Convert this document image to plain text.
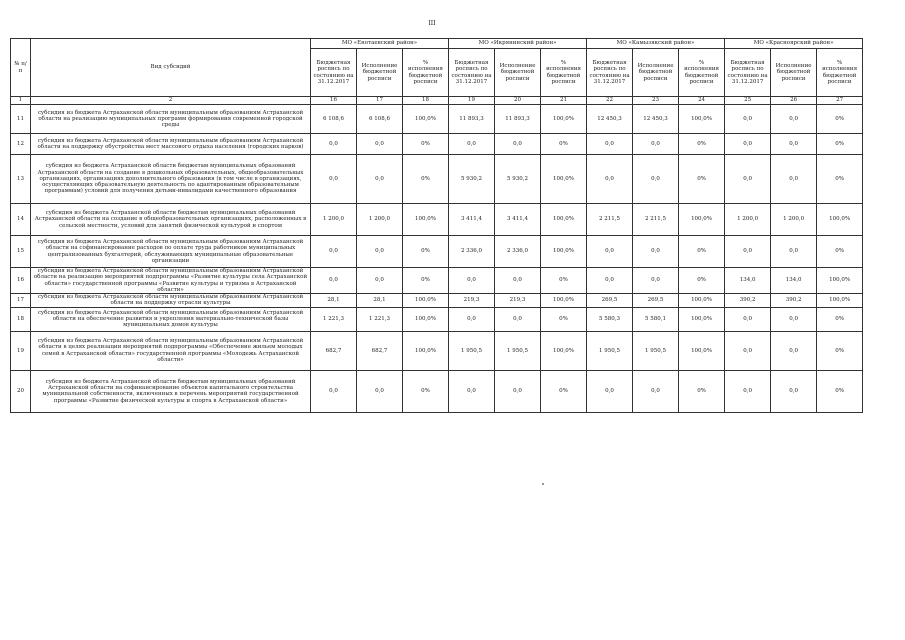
III
№ п/п	Вид субсидий	МО «Енотаевский район»			МО «Икрянинский район»			МО «Камызякский район»			МО «Красноярский район»		
		Бюджетная роспись по состоянию на 31.12.2017	Исполнение бюджетной росписи	% исполнения бюджетной росписи	Бюджетная роспись по состоянию на 31.12.2017	Исполнение бюджетной росписи	% исполнения бюджетной росписи	Бюджетная роспись по состоянию на 31.12.2017	Исполнение бюджетной росписи	% исполнения бюджетной росписи	Бюджетная роспись по состоянию на 31.12.2017	Исполнение бюджетной росписи	% исполнения бюджетной росписи
1	2	16	17	18	19	20	21	22	23	24	25	26	27
11	субсидия из бюджета Астраханской области муниципальным образованиям Астраханской области на реализацию муниципальных программ формирования современной городской среды	6 108,6	6 108,6	100,0%	11 893,3	11 893,3	100,0%	12 450,3	12 450,3	100,0%	0,0	0,0	0%
12	субсидия из бюджета Астраханской области муниципальным образованиям Астраханской области на поддержку обустройства мест массового отдыха населения (городских парков)	0,0	0,0	0%	0,0	0,0	0%	0,0	0,0	0%	0,0	0,0	0%
13	субсидия из бюджета Астраханской области бюджетам муниципальных образований Астраханской области на создание в дошкольных образовательных, общеобразовательных организациях, организациях дополнительного образования (в том числе в организациях, осуществляющих образовательную деятельность по адаптированным образовательным программам) условий для получения детьми-инвалидами качественного образования	0,0	0,0	0%	5 930,2	5 930,2	100,0%	0,0	0,0	0%	0,0	0,0	0%
14	субсидия из бюджета Астраханской области бюджетам муниципальных образований Астраханской области на создание в общеобразовательных организациях, расположенных в сельской местности, условий для занятий физической культурой и спортом	1 200,0	1 200,0	100,0%	3 411,4	3 411,4	100,0%	2 211,5	2 211,5	100,0%	1 200,0	1 200,0	100,0%
15	субсидия из бюджета Астраханской области муниципальным образованиям Астраханской области на софинансирование расходов по оплате труда работников муниципальных централизованных бухгалтерий, обслуживающих муниципальные образовательные организации	0,0	0,0	0%	2 336,0	2 336,0	100,0%	0,0	0,0	0%	0,0	0,0	0%
16	субсидия из бюджета Астраханской области муниципальным образованиям Астраханской области на реализацию мероприятий подпрограммы «Развитие культуры села Астраханской области» государственной программы «Развитие культуры и туризма в Астраханской области»	0,0	0,0	0%	0,0	0,0	0%	0,0	0,0	0%	134,0	134,0	100,0%
17	субсидия из бюджета Астраханской области муниципальным образованиям Астраханской области на поддержку отрасли культуры	28,1	28,1	100,0%	219,3	219,3	100,0%	269,5	269,5	100,0%	390,2	390,2	100,0%
18	субсидия из бюджета Астраханской области муниципальным образованиям Астраханской области на обеспечение развития и укрепления материально-технической базы муниципальных домов культуры	1 221,3	1 221,3	100,0%	0,0	0,0	0%	5 580,3	5 580,1	100,0%	0,0	0,0	0%
19	субсидия из бюджета Астраханской области муниципальным образованиям Астраханской области в целях реализации мероприятий подпрограммы «Обеспечение жильем молодых семей в Астраханской области» государственной программы «Молодежь Астраханской области»	682,7	682,7	100,0%	1 950,5	1 950,5	100,0%	1 950,5	1 950,5	100,0%	0,0	0,0	0%
20	субсидия из бюджета Астраханской области бюджетам муниципальных образований Астраханской области на софинансирование объектов капитального строительства муниципальной собственности, включенных в перечень мероприятий государственной программы «Развитие физической культуры и спорта в Астраханской области»	0,0	0,0	0%	0,0	0,0	0%	0,0	0,0	0%	0,0	0,0	0%
